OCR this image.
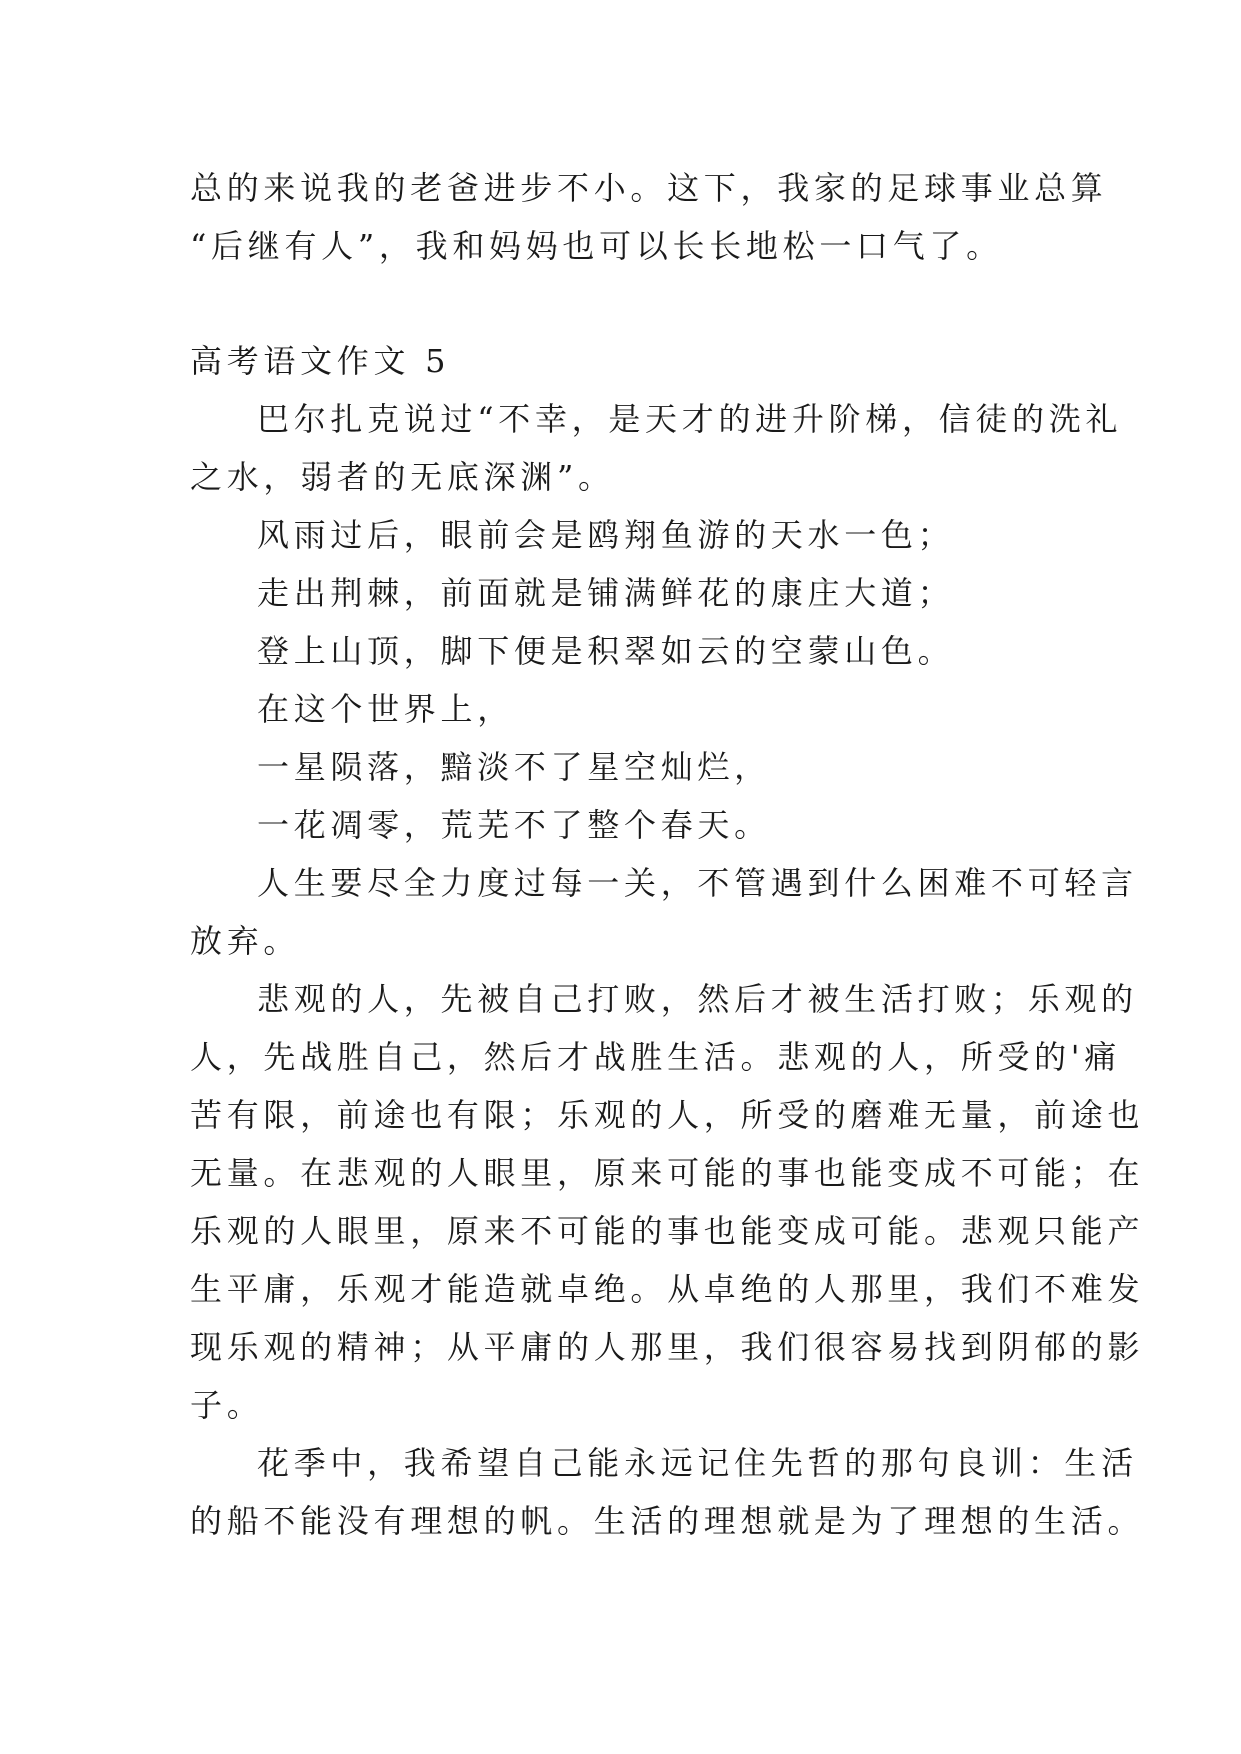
总的来说我的老爸进步不小。这下，我家的足球事业总算
“后继有人”，我和妈妈也可以长长地松一口气了。
高考语文作文 5
巴尔扎克说过“不幸，是天才的进升阶梯，信徒的洗礼
之水，弱者的无底深渊”。
风雨过后，眼前会是鸥翔鱼游的天水一色；
走出荆棘，前面就是铺满鲜花的康庄大道；
登上山顶，脚下便是积翠如云的空蒙山色。
在这个世界上，
一星陨落，黯淡不了星空灿烂，
一花凋零，荒芜不了整个春天。
人生要尽全力度过每一关，不管遇到什么困难不可轻言
放弃。
悲观的人，先被自己打败，然后才被生活打败；乐观的
人，先战胜自己，然后才战胜生活。悲观的人，所受的'痛
苦有限，前途也有限；乐观的人，所受的磨难无量，前途也
无量。在悲观的人眼里，原来可能的事也能变成不可能；在
乐观的人眼里，原来不可能的事也能变成可能。悲观只能产
生平庸，乐观才能造就卓绝。从卓绝的人那里，我们不难发
现乐观的精神；从平庸的人那里，我们很容易找到阴郁的影
子。
花季中，我希望自己能永远记住先哲的那句良训：生活
的船不能没有理想的帆。生活的理想就是为了理想的生活。
